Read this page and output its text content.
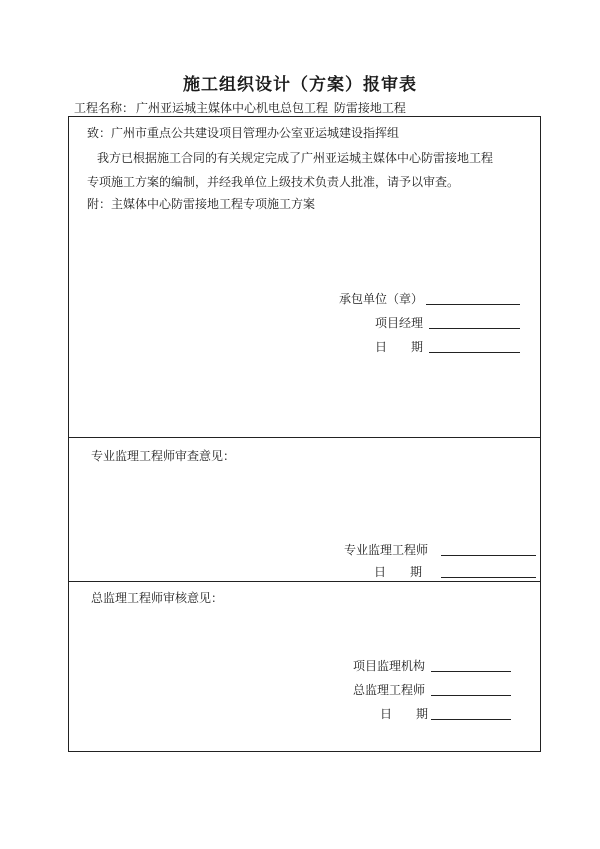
施工组织设计（方案）报审表
工程名称： 广州亚运城主媒体中心机电总包工程 防雷接地工程
致：广州市重点公共建设项目管理办公室亚运城建设指挥组
我方已根据施工合同的有关规定完成了广州亚运城主媒体中心防雷接地工程
专项施工方案的编制，并经我单位上级技术负责人批准，请予以审查。
附：主媒体中心防雷接地工程专项施工方案
承包单位（章）
项目经理
日　　期
专业监理工程师审查意见：
专业监理工程师
日　　期
总监理工程师审核意见：
项目监理机构
总监理工程师
日　　期
